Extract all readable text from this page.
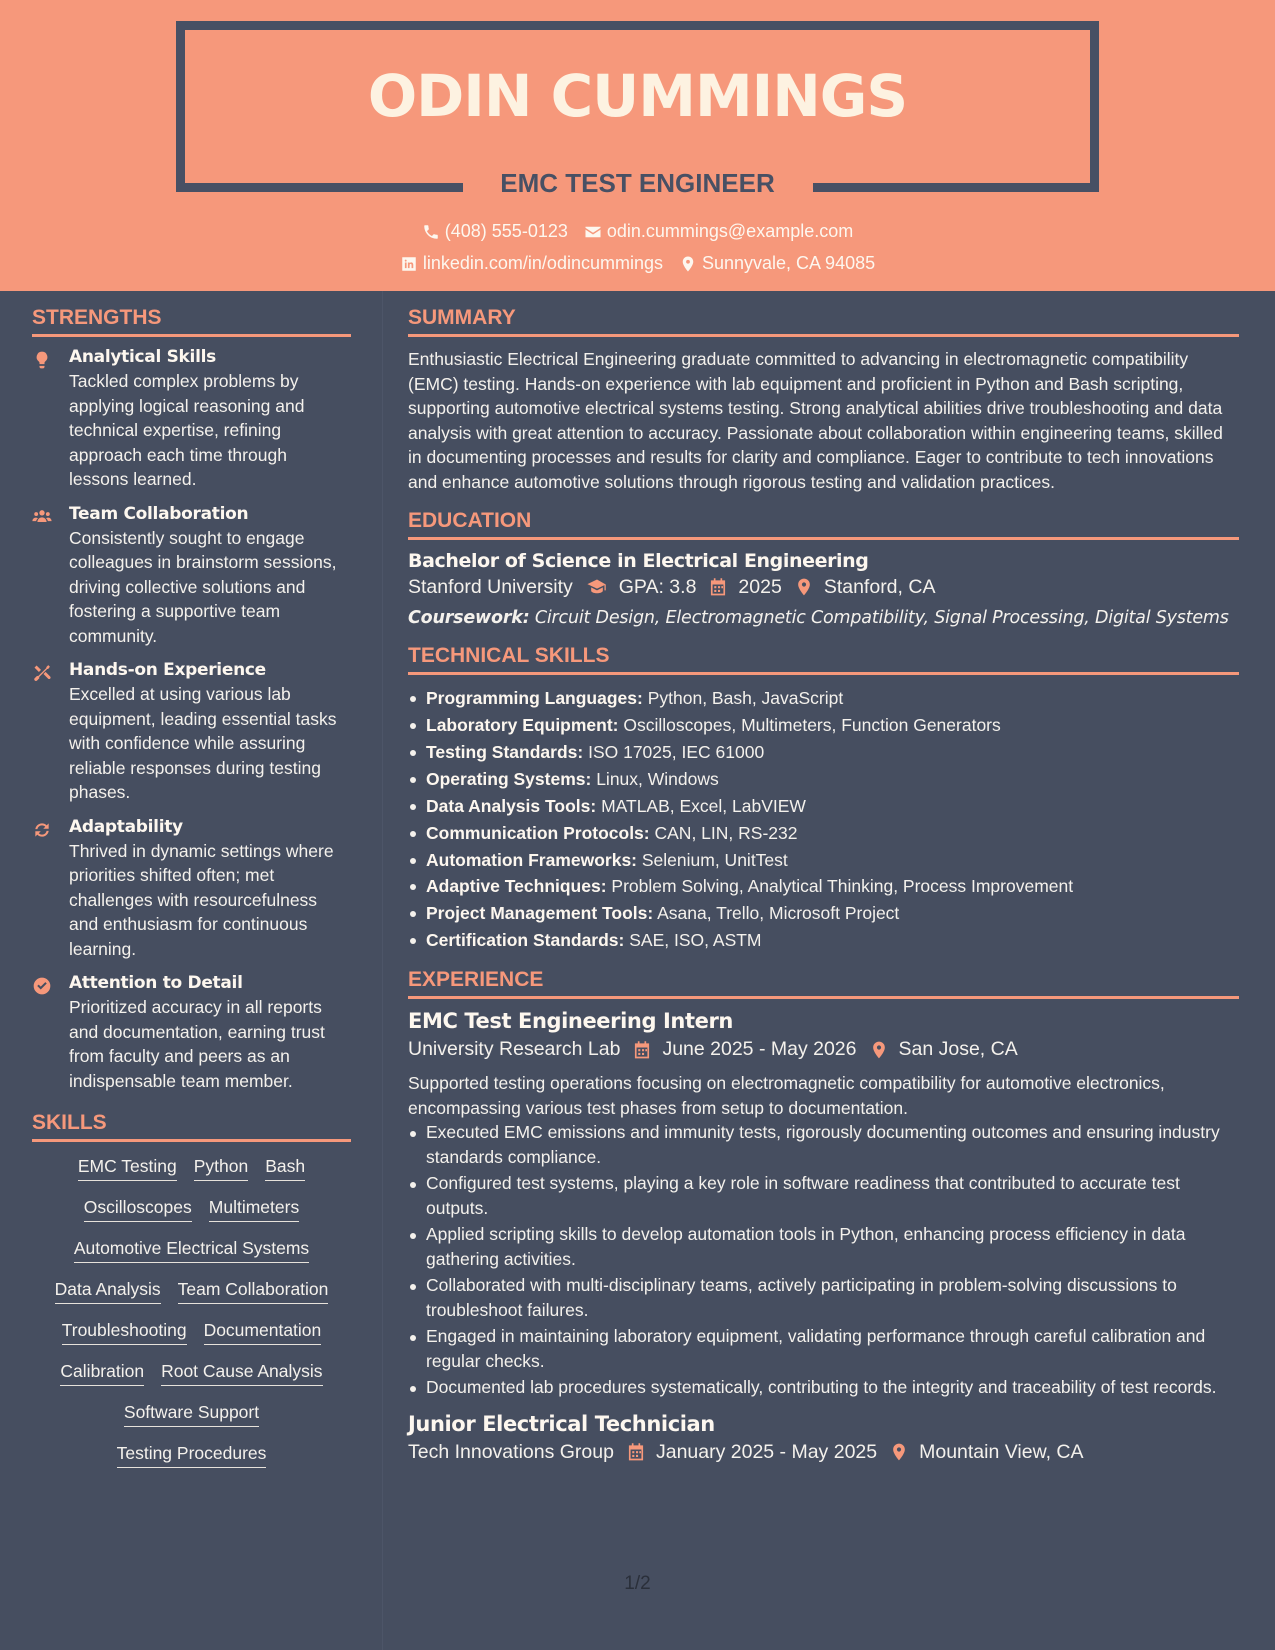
ODIN CUMMINGS
EMC TEST ENGINEER
(408) 555-0123 odin.cummings@example.com
linkedin.com/in/odincummings Sunnyvale, CA 94085
STRENGTHS
Analytical Skills

Tackled complex problems by applying logical reasoning and technical expertise, refining approach each time through lessons learned.

Team Collaboration

Consistently sought to engage colleagues in brainstorm sessions, driving collective solutions and fostering a supportive team community.

Hands-on Experience

Excelled at using various lab equipment, leading essential tasks with confidence while assuring reliable responses during testing phases.

Adaptability

Thrived in dynamic settings where priorities shifted often; met challenges with resourcefulness and enthusiasm for continuous learning.

Attention to Detail

Prioritized accuracy in all reports and documentation, earning trust from faculty and peers as an indispensable team member.

SKILLS
EMC Testing Python Bash
Oscilloscopes Multimeters
Automotive Electrical Systems
Data Analysis Team Collaboration
Troubleshooting Documentation
Calibration Root Cause Analysis
Software Support
Testing Procedures
SUMMARY

Enthusiastic Electrical Engineering graduate committed to advancing in electromagnetic compatibility (EMC) testing. Hands-on experience with lab equipment and proficient in Python and Bash scripting, supporting automotive electrical systems testing. Strong analytical abilities drive troubleshooting and data analysis with great attention to accuracy. Passionate about collaboration within engineering teams, skilled in documenting processes and results for clarity and compliance. Eager to contribute to tech innovations and enhance automotive solutions through rigorous testing and validation practices.

EDUCATION
Bachelor of Science in Electrical Engineering
Stanford University GPA: 3.8 2025 Stanford, CA

Coursework: Circuit Design, Electromagnetic Compatibility, Signal Processing, Digital Systems

TECHNICAL SKILLS
Programming Languages: Python, Bash, JavaScript
Laboratory Equipment: Oscilloscopes, Multimeters, Function Generators
Testing Standards: ISO 17025, IEC 61000
Operating Systems: Linux, Windows
Data Analysis Tools: MATLAB, Excel, LabVIEW
Communication Protocols: CAN, LIN, RS-232
Automation Frameworks: Selenium, UnitTest
Adaptive Techniques: Problem Solving, Analytical Thinking, Process Improvement
Project Management Tools: Asana, Trello, Microsoft Project
Certification Standards: SAE, ISO, ASTM
EXPERIENCE
EMC Test Engineering Intern
University Research Lab June 2025 - May 2026 San Jose, CA

Supported testing operations focusing on electromagnetic compatibility for automotive electronics, encompassing various test phases from setup to documentation.

Executed EMC emissions and immunity tests, rigorously documenting outcomes and ensuring industry standards compliance.
Configured test systems, playing a key role in software readiness that contributed to accurate test outputs.
Applied scripting skills to develop automation tools in Python, enhancing process efficiency in data gathering activities.
Collaborated with multi-disciplinary teams, actively participating in problem-solving discussions to troubleshoot failures.
Engaged in maintaining laboratory equipment, validating performance through careful calibration and regular checks.
Documented lab procedures systematically, contributing to the integrity and traceability of test records.
Junior Electrical Technician
Tech Innovations Group January 2025 - May 2025 Mountain View, CA
1/2
